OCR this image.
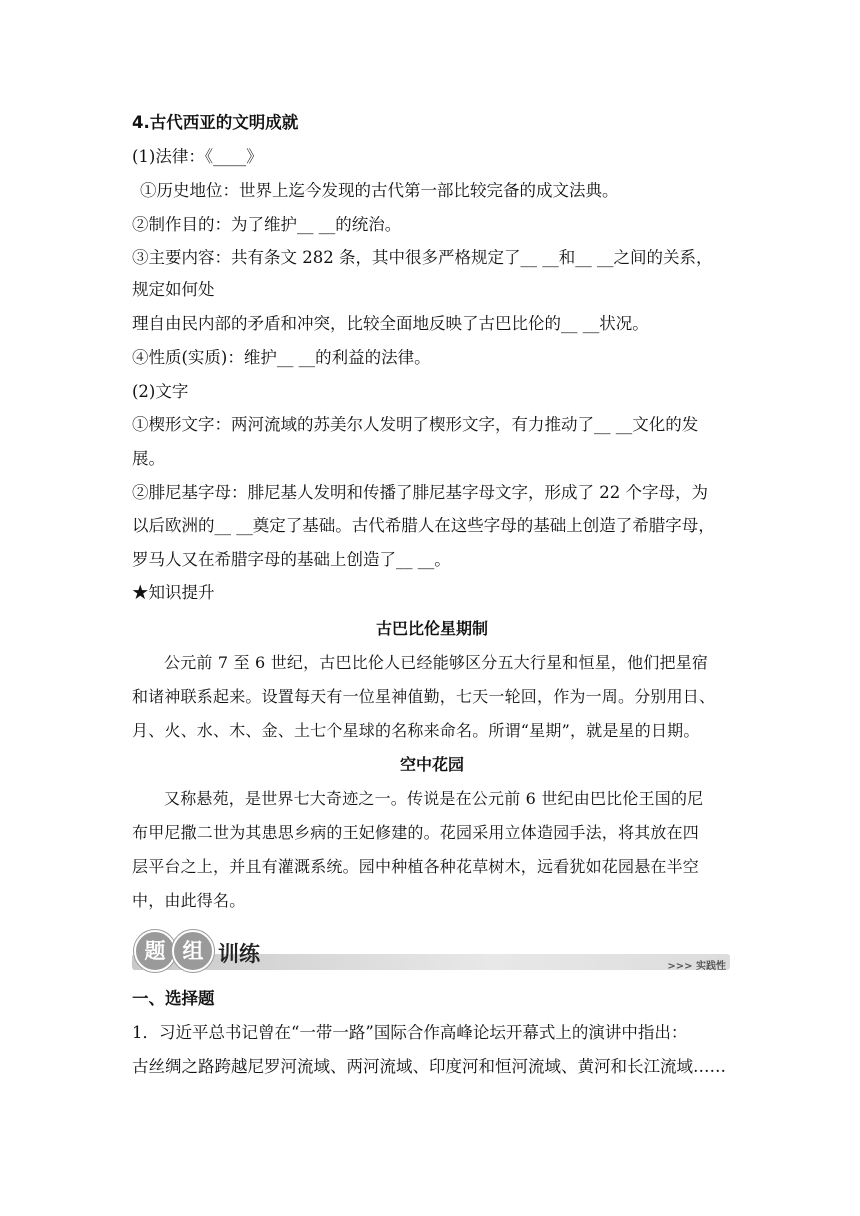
4.古代西亚的文明成就
(1)法律：《____》
①历史地位：世界上迄今发现的古代第一部比较完备的成文法典。
②制作目的：为了维护__ __的统治。
③主要内容：共有条文 282 条，其中很多严格规定了__ __和__ __之间的关系，
规定如何处
理自由民内部的矛盾和冲突，比较全面地反映了古巴比伦的__ __状况。
④性质(实质)：维护__ __的利益的法律。
(2)文字
①楔形文字：两河流域的苏美尔人发明了楔形文字，有力推动了__ __文化的发
展。
②腓尼基字母：腓尼基人发明和传播了腓尼基字母文字，形成了 22 个字母，为
以后欧洲的__ __奠定了基础。古代希腊人在这些字母的基础上创造了希腊字母，
罗马人又在希腊字母的基础上创造了__ __。
★知识提升
古巴比伦星期制
公元前 7 至 6 世纪，古巴比伦人已经能够区分五大行星和恒星，他们把星宿
和诸神联系起来。设置每天有一位星神值勤，七天一轮回，作为一周。分别用日、
月、火、水、木、金、土七个星球的名称来命名。所谓“星期”，就是星的日期。
空中花园
又称悬苑，是世界七大奇迹之一。传说是在公元前 6 世纪由巴比伦王国的尼
布甲尼撒二世为其患思乡病的王妃修建的。花园采用立体造园手法，将其放在四
层平台之上，并且有灌溉系统。园中种植各种花草树木，远看犹如花园悬在半空
中，由此得名。
题 组 训练
>>> 实践性
一、选择题
1．习近平总书记曾在“一带一路”国际合作高峰论坛开幕式上的演讲中指出：
古丝绸之路跨越尼罗河流域、两河流域、印度河和恒河流域、黄河和长江流域……
